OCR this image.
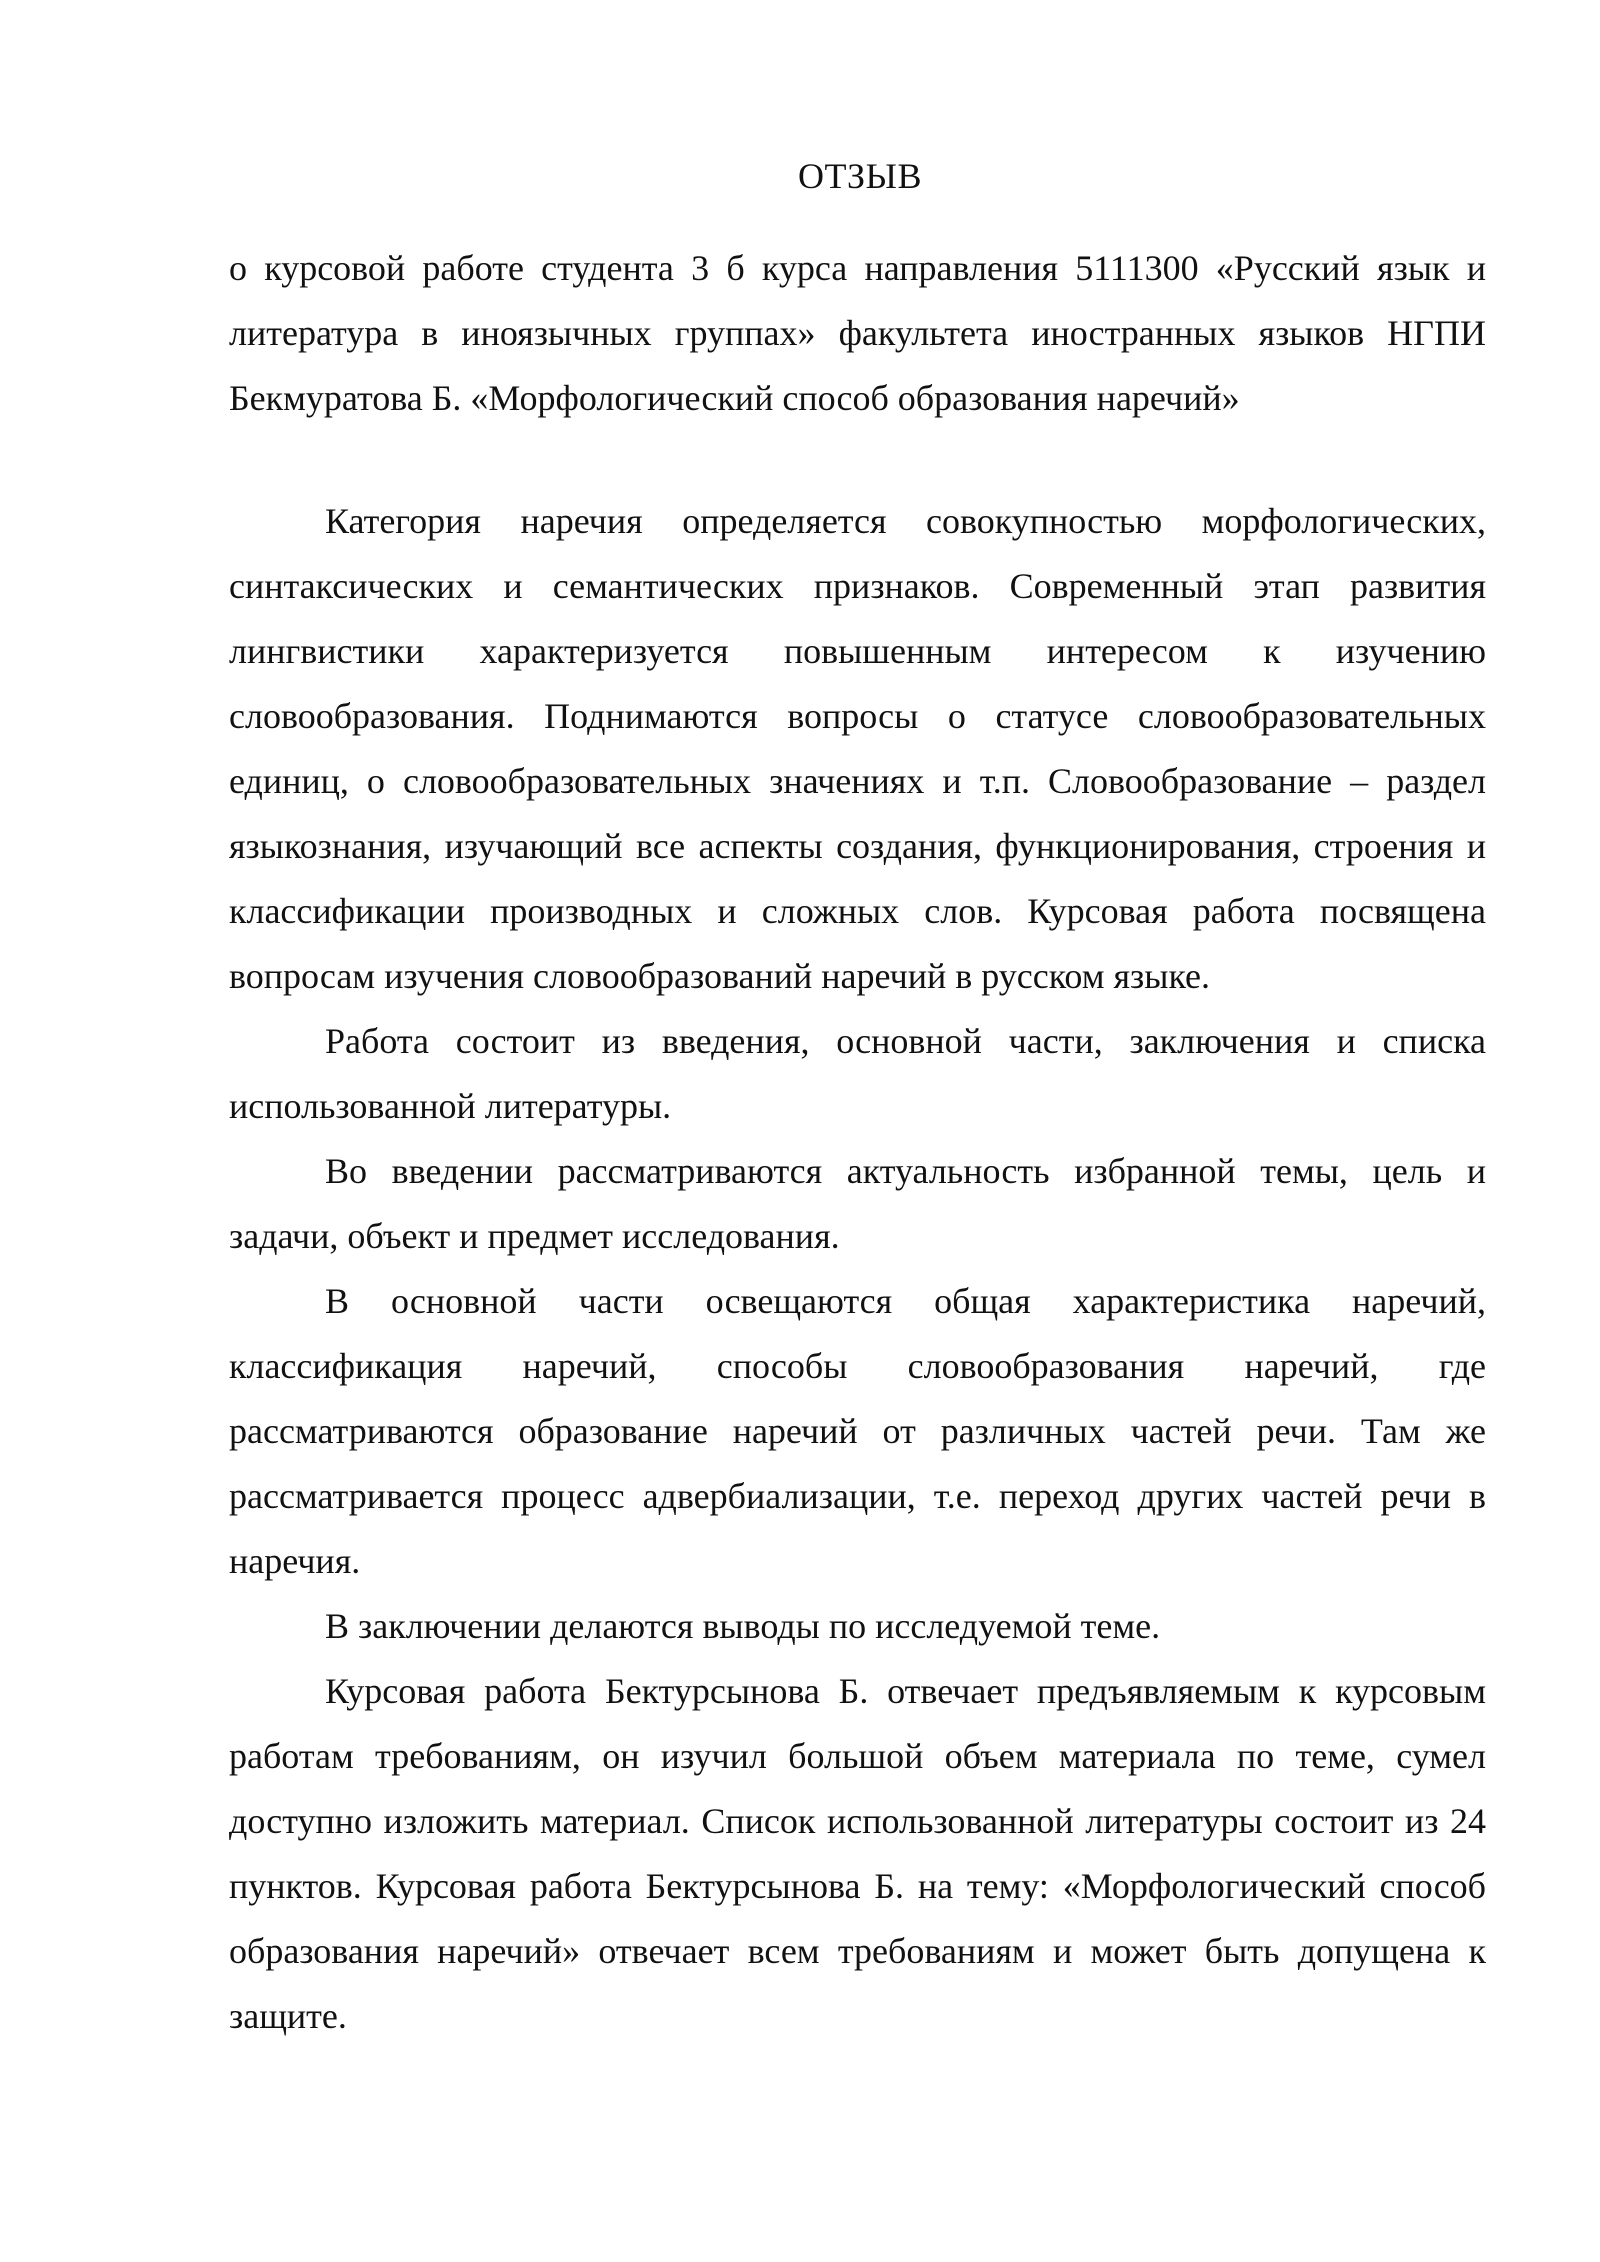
ОТЗЫВ

о курсовой работе студента 3 б курса направления 5111300 «Русский язык и литература в иноязычных группах» факультета иностранных языков НГПИ Бекмуратова Б. «Морфологический способ образования наречий»

Категория наречия определяется совокупностью морфологических, синтаксических и семантических признаков. Современный этап развития лингвистики характеризуется повышенным интересом к изучению словообразования. Поднимаются вопросы о статусе словообразовательных единиц, о словообразовательных значениях и т.п. Словообразование – раздел языкознания, изучающий все аспекты создания, функционирования, строения и классификации производных и сложных слов. Курсовая работа посвящена вопросам изучения словообразований наречий в русском языке.

Работа состоит из введения, основной части, заключения и списка использованной литературы.

Во введении рассматриваются актуальность избранной темы, цель и задачи, объект и предмет исследования.

В основной части освещаются общая характеристика наречий, классификация наречий, способы словообразования наречий, где рассматриваются образование наречий от различных частей речи. Там же рассматривается процесс адвербиализации, т.е. переход других частей речи в наречия.

В заключении делаются выводы по исследуемой теме.

Курсовая работа Бектурсынова Б. отвечает предъявляемым к курсовым работам требованиям, он изучил большой объем материала по теме, сумел доступно изложить материал. Список использованной литературы состоит из 24 пунктов. Курсовая работа Бектурсынова Б. на тему: «Морфологический способ образования наречий» отвечает всем требованиям и может быть допущена к защите.
